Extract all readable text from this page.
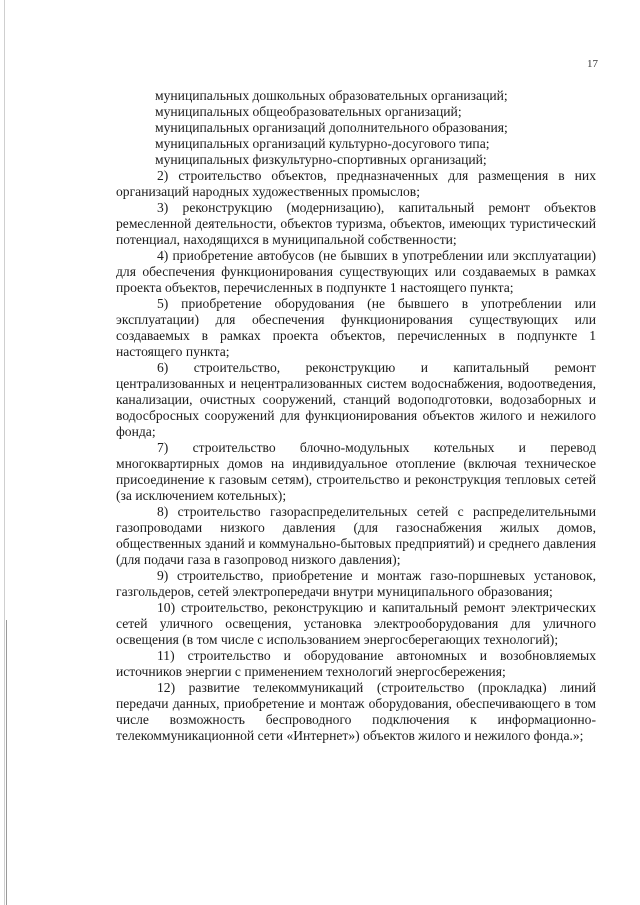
17

муниципальных дошкольных образовательных организаций;

муниципальных общеобразовательных организаций;

муниципальных организаций дополнительного образования;

муниципальных организаций культурно-досугового типа;

муниципальных физкультурно-спортивных организаций;

2) строительство объектов, предназначенных для размещения в них организаций народных художественных промыслов;

3) реконструкцию (модернизацию), капитальный ремонт объектов ремесленной деятельности, объектов туризма, объектов, имеющих туристический потенциал, находящихся в муниципальной собственности;

4) приобретение автобусов (не бывших в употреблении или эксплуатации) для обеспечения функционирования существующих или создаваемых в рамках проекта объектов, перечисленных в подпункте 1 настоящего пункта;

5) приобретение оборудования (не бывшего в употреблении или эксплуатации) для обеспечения функционирования существующих или создаваемых в рамках проекта объектов, перечисленных в подпункте 1 настоящего пункта;

6) строительство, реконструкцию и капитальный ремонт централизованных и нецентрализованных систем водоснабжения, водоотведения, канализации, очистных сооружений, станций водоподготовки, водозаборных и водосбросных сооружений для функционирования объектов жилого и нежилого фонда;

7) строительство блочно-модульных котельных и перевод многоквартирных домов на индивидуальное отопление (включая техническое присоединение к газовым сетям), строительство и реконструкция тепловых сетей (за исключением котельных);

8) строительство газораспределительных сетей с распределительными газопроводами низкого давления (для газоснабжения жилых домов, общественных зданий и коммунально-бытовых предприятий) и среднего давления (для подачи газа в газопровод низкого давления);

9) строительство, приобретение и монтаж газо-поршневых установок, газгольдеров, сетей электропередачи внутри муниципального образования;

10) строительство, реконструкцию и капитальный ремонт электрических сетей уличного освещения, установка электрооборудования для уличного освещения (в том числе с использованием энергосберегающих технологий);

11) строительство и оборудование автономных и возобновляемых источников энергии с применением технологий энергосбережения;

12) развитие телекоммуникаций (строительство (прокладка) линий передачи данных, приобретение и монтаж оборудования, обеспечивающего в том числе возможность беспроводного подключения к информационно-телекоммуникационной сети «Интернет») объектов жилого и нежилого фонда.»;
